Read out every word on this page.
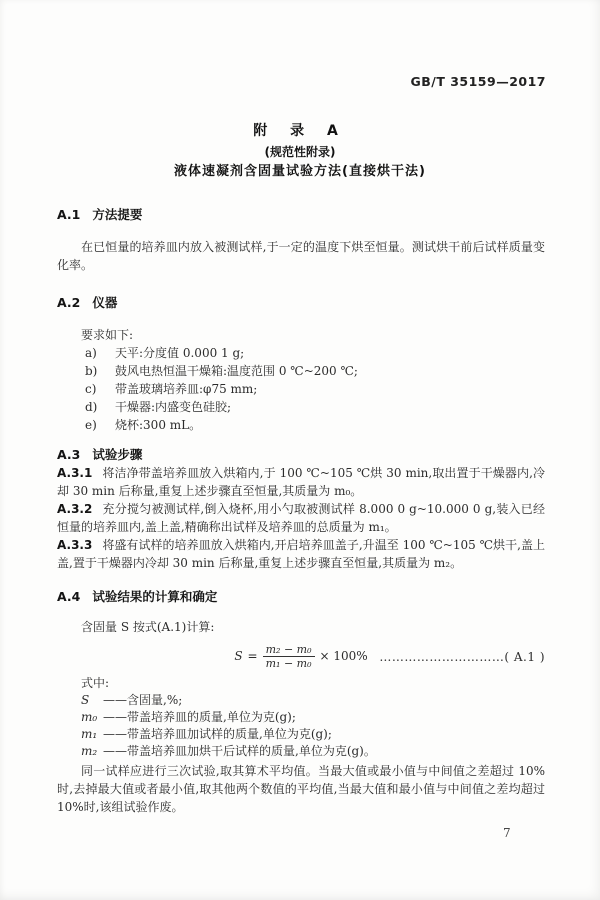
GB/T 35159—2017
附 录 A
(规范性附录)
液体速凝剂含固量试验方法(直接烘干法)
A.1 方法提要

在已恒量的培养皿内放入被测试样,于一定的温度下烘至恒量。测试烘干前后试样质量变化率。

A.2 仪器

要求如下:

a)	天平:分度值 0.000 1 g;
b)	鼓风电热恒温干燥箱:温度范围 0 ℃~200 ℃;
c)	带盖玻璃培养皿:φ75 mm;
d)	干燥器:内盛变色硅胶;
e)	烧杯:300 mL。
A.3 试验步骤

A.3.1 将洁净带盖培养皿放入烘箱内,于 100 ℃~105 ℃烘 30 min,取出置于干燥器内,冷却 30 min 后称量,重复上述步骤直至恒量,其质量为 m₀。

A.3.2 充分搅匀被测试样,倒入烧杯,用小勺取被测试样 8.000 0 g~10.000 0 g,装入已经恒量的培养皿内,盖上盖,精确称出试样及培养皿的总质量为 m₁。

A.3.3 将盛有试样的培养皿放入烘箱内,开启培养皿盖子,升温至 100 ℃~105 ℃烘干,盖上盖,置于干燥器内冷却 30 min 后称量,重复上述步骤直至恒量,其质量为 m₂。

A.4 试验结果的计算和确定

含固量 S 按式(A.1)计算:

$S = \frac{\text{m₂ − m₀}}{\text{m₁ − m₀}} \times 100\%$ …………………………( A.1 )

式中:

S	——含固量,%;
m₀ ——带盖培养皿的质量,单位为克(g);
m₁ ——带盖培养皿加试样的质量,单位为克(g);
m₂ ——带盖培养皿加烘干后试样的质量,单位为克(g)。

同一试样应进行三次试验,取其算术平均值。当最大值或最小值与中间值之差超过 10%时,去掉最大值或者最小值,取其他两个数值的平均值,当最大值和最小值与中间值之差均超过 10%时,该组试验作废。

7
